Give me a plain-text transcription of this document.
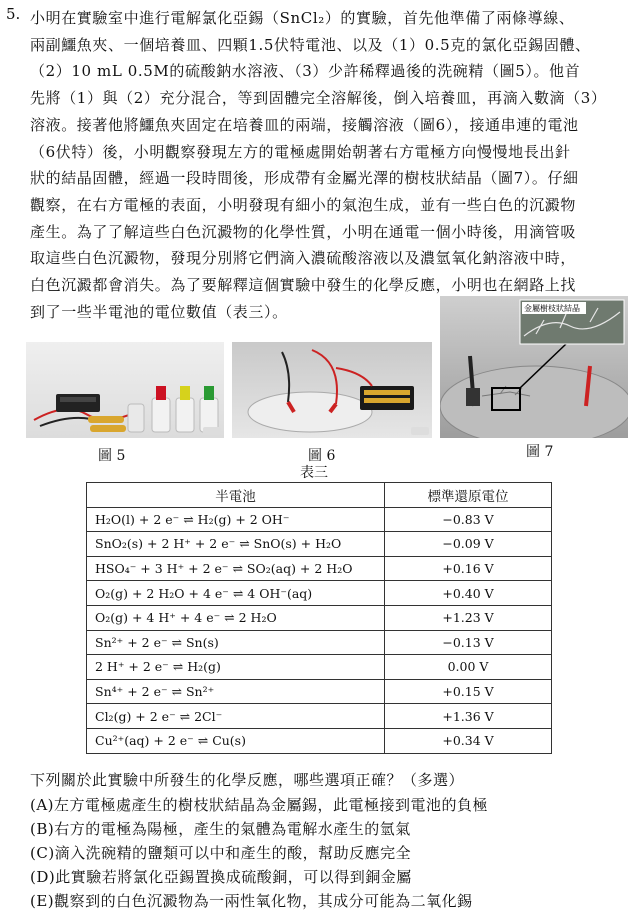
5. 小明在實驗室中進行電解氯化亞錫（SnCl₂）的實驗，首先他準備了兩條導線、
兩副鱷魚夾、一個培養皿、四顆1.5伏特電池、以及（1）0.5克的氯化亞錫固體、
（2）10 mL 0.5M的硫酸鈉水溶液、（3）少許稀釋過後的洗碗精（圖5）。他首
先將（1）與（2）充分混合，等到固體完全溶解後，倒入培養皿，再滴入數滴（3）
溶液。接著他將鱷魚夾固定在培養皿的兩端，接觸溶液（圖6），接通串連的電池
（6伏特）後，小明觀察發現左方的電極處開始朝著右方電極方向慢慢地長出針
狀的結晶固體，經過一段時間後，形成帶有金屬光澤的樹枝狀結晶（圖7）。仔細
觀察，在右方電極的表面，小明發現有細小的氣泡生成，並有一些白色的沉澱物
產生。為了了解這些白色沉澱物的化學性質，小明在通電一個小時後，用滴管吸
取這些白色沉澱物，發現分別將它們滴入濃硫酸溶液以及濃氫氧化鈉溶液中時，
白色沉澱都會消失。為了要解釋這個實驗中發生的化學反應，小明也在網路上找
到了一些半電池的電位數值（表三）。	金屬樹枝狀結晶
圖 5	圖 6	圖 7
表三
半電池	標準還原電位
H₂O(l) + 2 e⁻ ⇌ H₂(g) + 2 OH⁻	−0.83 V
SnO₂(s) + 2 H⁺ + 2 e⁻ ⇌ SnO(s) + H₂O	−0.09 V
HSO₄⁻ + 3 H⁺ + 2 e⁻ ⇌ SO₂(aq) + 2 H₂O	+0.16 V
O₂(g) + 2 H₂O + 4 e⁻ ⇌ 4 OH⁻(aq)	+0.40 V
O₂(g) + 4 H⁺ + 4 e⁻ ⇌ 2 H₂O	+1.23 V
Sn²⁺ + 2 e⁻ ⇌ Sn(s)	−0.13 V
2 H⁺ + 2 e⁻ ⇌ H₂(g)	0.00 V
Sn⁴⁺ + 2 e⁻ ⇌ Sn²⁺	+0.15 V
Cl₂(g) + 2 e⁻ ⇌ 2Cl⁻	+1.36 V
Cu²⁺(aq) + 2 e⁻ ⇌ Cu(s)	+0.34 V
下列關於此實驗中所發生的化學反應，哪些選項正確？（多選）
(A)左方電極處產生的樹枝狀結晶為金屬錫，此電極接到電池的負極
(B)右方的電極為陽極，產生的氣體為電解水產生的氫氣
(C)滴入洗碗精的鹽類可以中和產生的酸，幫助反應完全
(D)此實驗若將氯化亞錫置換成硫酸銅，可以得到銅金屬
(E)觀察到的白色沉澱物為一兩性氧化物，其成分可能為二氧化錫
